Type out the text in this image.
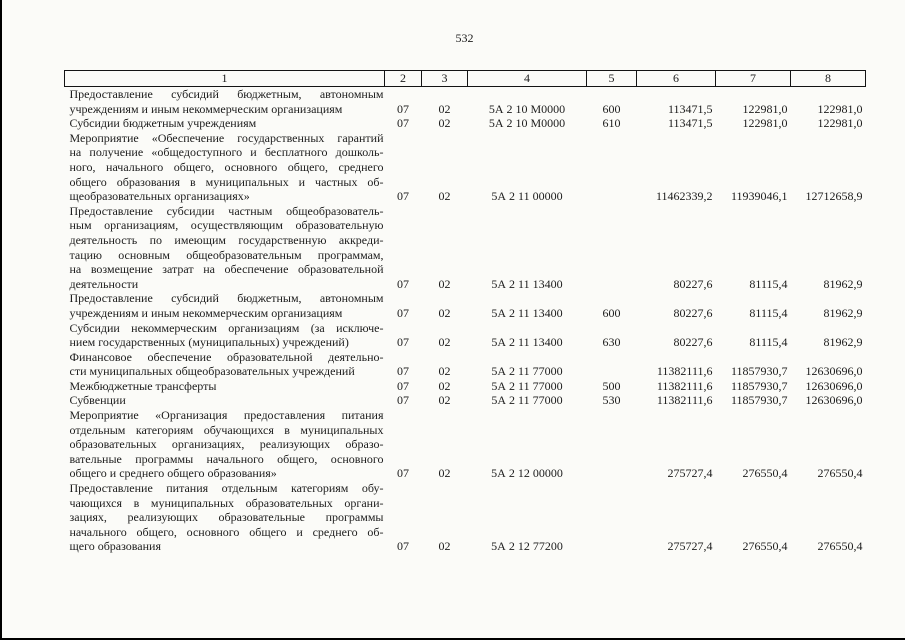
532
1	2	3	4	5	6	7	8

Предоставление субсидий бюджетным, автономным
учреждениям и иным некоммерческим организациям	07	02	5А 2 10 М0000	600	113471,5	122981,0	122981,0

Субсидии бюджетным учреждениям	07	02	5А 2 10 М0000	610	113471,5	122981,0	122981,0

Мероприятие «Обеспечение государственных гарантий
на получение «общедоступного и бесплатного дошколь-
ного, начального общего, основного общего, среднего
общего образования в муниципальных и частных об-
щеобразовательных организациях»	07	02	5А 2 11 00000		11462339,2	11939046,1	12712658,9

Предоставление субсидии частным общеобразователь-
ным организациям, осуществляющим образовательную
деятельность по имеющим государственную аккреди-
тацию основным общеобразовательным программам,
на возмещение затрат на обеспечение образовательной
деятельности	07	02	5А 2 11 13400		80227,6	81115,4	81962,9

Предоставление субсидий бюджетным, автономным
учреждениям и иным некоммерческим организациям	07	02	5А 2 11 13400	600	80227,6	81115,4	81962,9

Субсидии некоммерческим организациям (за исключе-
нием государственных (муниципальных) учреждений)	07	02	5А 2 11 13400	630	80227,6	81115,4	81962,9

Финансовое обеспечение образовательной деятельно-
сти муниципальных общеобразовательных учреждений	07	02	5А 2 11 77000		11382111,6	11857930,7	12630696,0

Межбюджетные трансферты	07	02	5А 2 11 77000	500	11382111,6	11857930,7	12630696,0

Субвенции	07	02	5А 2 11 77000	530	11382111,6	11857930,7	12630696,0

Мероприятие «Организация предоставления питания
отдельным категориям обучающихся в муниципальных
образовательных организациях, реализующих образо-
вательные программы начального общего, основного
общего и среднего общего образования»	07	02	5А 2 12 00000		275727,4	276550,4	276550,4

Предоставление питания отдельным категориям обу-
чающихся в муниципальных образовательных органи-
зациях, реализующих образовательные программы
начального общего, основного общего и среднего об-
щего образования	07	02	5А 2 12 77200		275727,4	276550,4	276550,4
